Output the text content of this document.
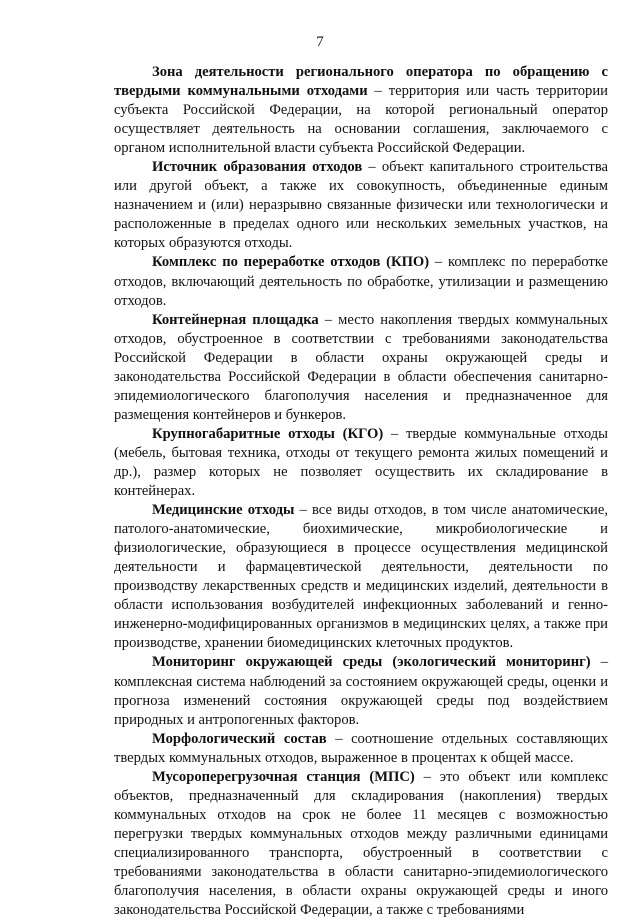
7

Зона деятельности регионального оператора по обращению с твердыми коммунальными отходами – территория или часть территории субъекта Российской Федерации, на которой региональный оператор осуществляет деятельность на основании соглашения, заключаемого с органом исполнительной власти субъекта Российской Федерации.

Источник образования отходов – объект капитального строительства или другой объект, а также их совокупность, объединенные единым назначением и (или) неразрывно связанные физически или технологически и расположенные в пределах одного или нескольких земельных участков, на которых образуются отходы.

Комплекс по переработке отходов (КПО) – комплекс по переработке отходов, включающий деятельность по обработке, утилизации и размещению отходов.

Контейнерная площадка – место накопления твердых коммунальных отходов, обустроенное в соответствии с требованиями законодательства Российской Федерации в области охраны окружающей среды и законодательства Российской Федерации в области обеспечения санитарно-эпидемиологического благополучия населения и предназначенное для размещения контейнеров и бункеров.

Крупногабаритные отходы (КГО) – твердые коммунальные отходы (мебель, бытовая техника, отходы от текущего ремонта жилых помещений и др.), размер которых не позволяет осуществить их складирование в контейнерах.

Медицинские отходы – все виды отходов, в том числе анатомические, патолого-анатомические, биохимические, микробиологические и физиологические, образующиеся в процессе осуществления медицинской деятельности и фармацевтической деятельности, деятельности по производству лекарственных средств и медицинских изделий, деятельности в области использования возбудителей инфекционных заболеваний и генно-инженерно-модифицированных организмов в медицинских целях, а также при производстве, хранении биомедицинских клеточных продуктов.

Мониторинг окружающей среды (экологический мониторинг) – комплексная система наблюдений за состоянием окружающей среды, оценки и прогноза изменений состояния окружающей среды под воздействием природных и антропогенных факторов.

Морфологический состав – соотношение отдельных составляющих твердых коммунальных отходов, выраженное в процентах к общей массе.

Мусороперегрузочная станция (МПС) – это объект или комплекс объектов, предназначенный для складирования (накопления) твердых коммунальных отходов на срок не более 11 месяцев с возможностью перегрузки твердых коммунальных отходов между различными единицами специализированного транспорта, обустроенный в соответствии с требованиями законодательства в области санитарно-эпидемиологического благополучия населения, в области охраны окружающей среды и иного законодательства Российской Федерации, а также с требованиями
